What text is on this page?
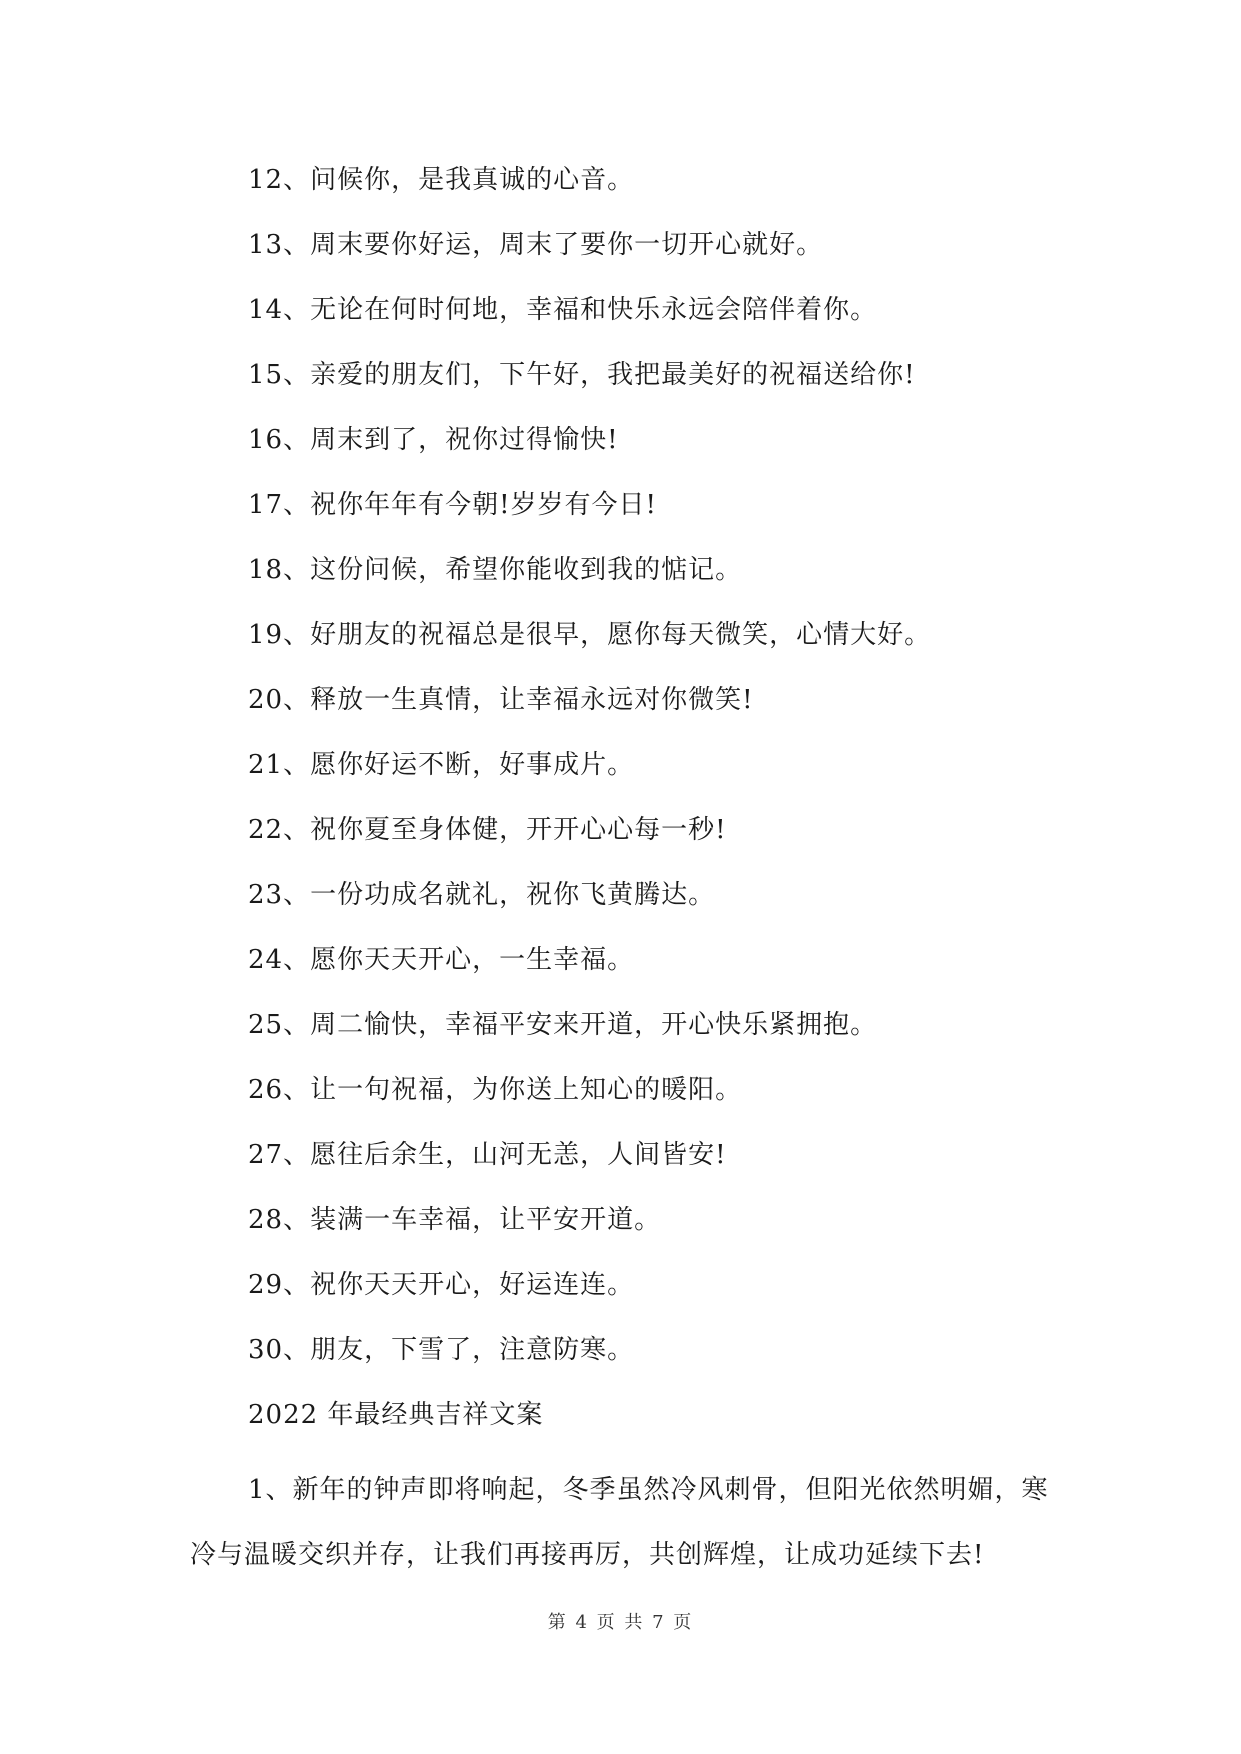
12、问候你，是我真诚的心音。
13、周末要你好运，周末了要你一切开心就好。
14、无论在何时何地，幸福和快乐永远会陪伴着你。
15、亲爱的朋友们，下午好，我把最美好的祝福送给你!
16、周末到了，祝你过得愉快!
17、祝你年年有今朝!岁岁有今日!
18、这份问候，希望你能收到我的惦记。
19、好朋友的祝福总是很早，愿你每天微笑，心情大好。
20、释放一生真情，让幸福永远对你微笑!
21、愿你好运不断，好事成片。
22、祝你夏至身体健，开开心心每一秒!
23、一份功成名就礼，祝你飞黄腾达。
24、愿你天天开心，一生幸福。
25、周二愉快，幸福平安来开道，开心快乐紧拥抱。
26、让一句祝福，为你送上知心的暖阳。
27、愿往后余生，山河无恙，人间皆安!
28、装满一车幸福，让平安开道。
29、祝你天天开心，好运连连。
30、朋友，下雪了，注意防寒。
2022 年最经典吉祥文案

1、新年的钟声即将响起，冬季虽然冷风刺骨，但阳光依然明媚，寒冷与温暖交织并存，让我们再接再厉，共创辉煌，让成功延续下去!

第 4 页 共 7 页
